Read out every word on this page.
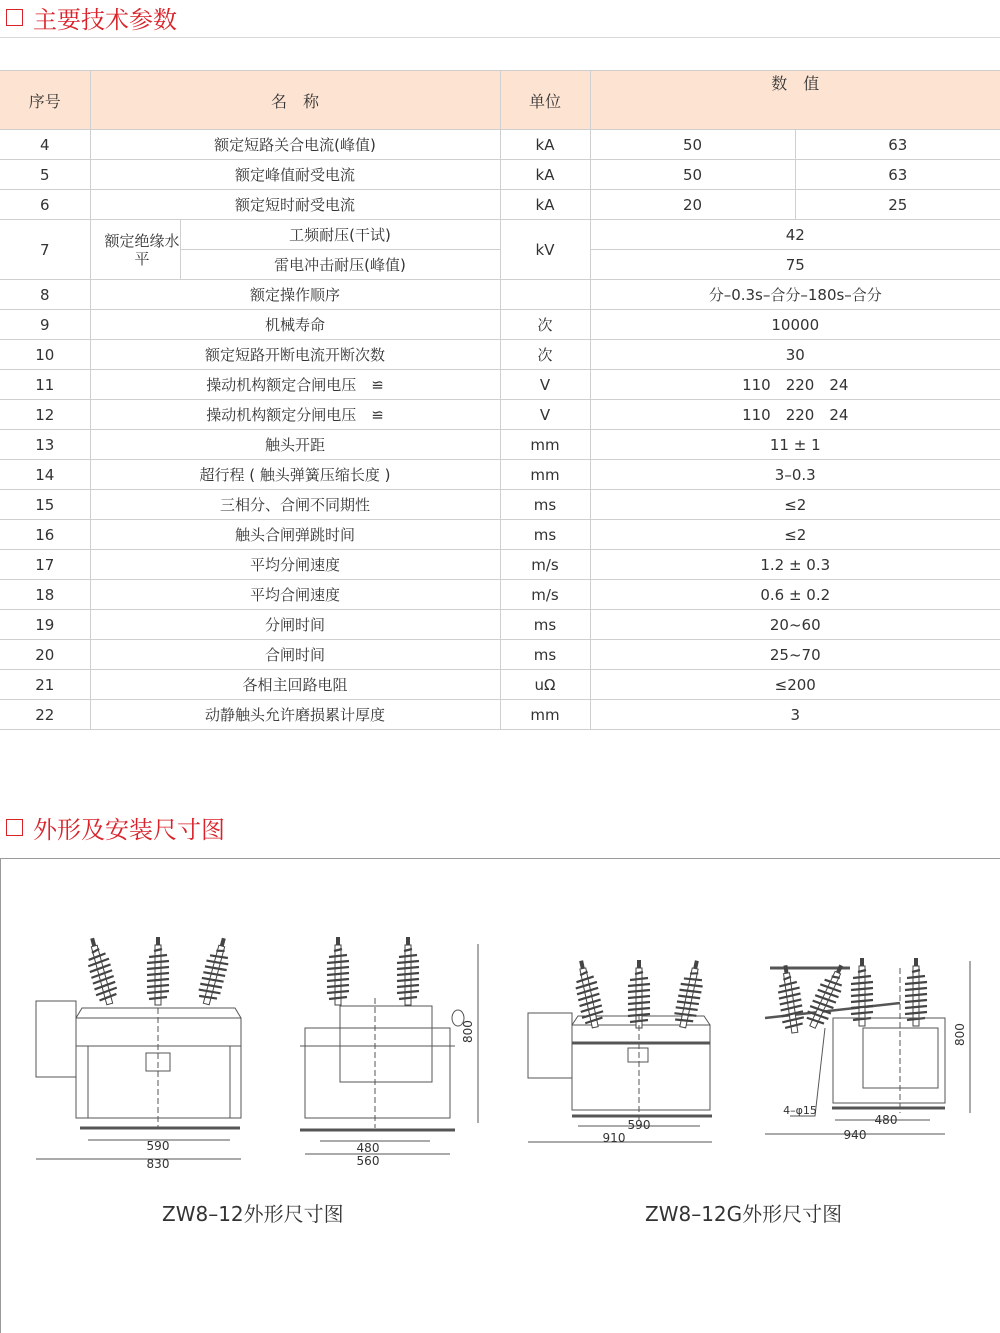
主要技术参数
序号	名　称		单位	数　值	
4	额定短路关合电流(峰值)		kA	50	63
5	额定峰值耐受电流		kA	50	63
6	额定短时耐受电流		kA	20	25
7	额定绝缘水平	工频耐压(干试)	kV	42	
		雷电冲击耐压(峰值)		75	
8	额定操作顺序			分–0.3s–合分–180s–合分	
9	机械寿命		次	10000	
10	额定短路开断电流开断次数		次	30	
11	操动机构额定合闸电压　≌		V	110　220　24	
12	操动机构额定分闸电压　≌		V	110　220　24	
13	触头开距		mm	11 ± 1	
14	超行程 ( 触头弹簧压缩长度 )		mm	3–0.3	
15	三相分、合闸不同期性		ms	≤2	
16	触头合闸弹跳时间		ms	≤2	
17	平均分闸速度		m/s	1.2 ± 0.3	
18	平均合闸速度		m/s	0.6 ± 0.2	
19	分闸时间		ms	20~60	
20	合闸时间		ms	25~70	
21	各相主回路电阻		uΩ	≤200	
22	动静触头允许磨损累计厚度		mm	3	
外形及安装尺寸图
590
830
480
560
800
590
910
4–φ15
480
940
800
ZW8–12外形尺寸图	ZW8–12G外形尺寸图
